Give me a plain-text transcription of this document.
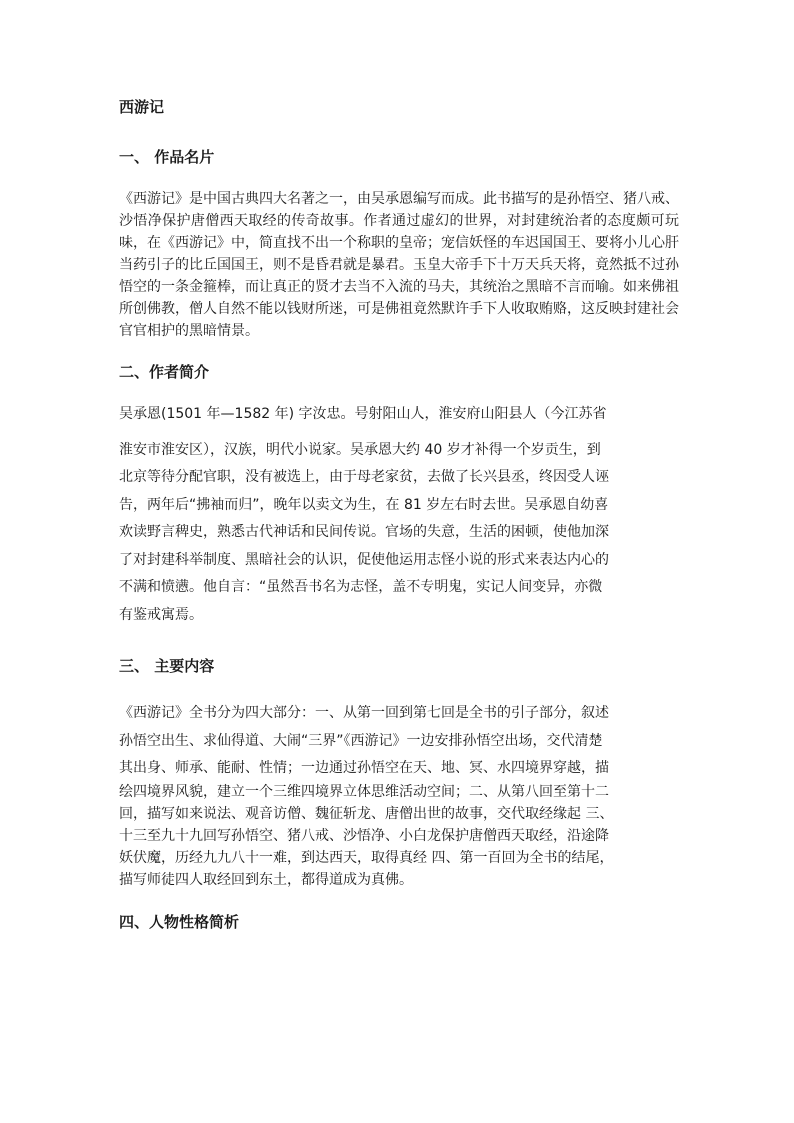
西游记
一、 作品名片

《西游记》是中国古典四大名著之一，由吴承恩编写而成。此书描写的是孙悟空、猪八戒、沙悟净保护唐僧西天取经的传奇故事。作者通过虚幻的世界，对封建统治者的态度颇可玩味，在《西游记》中，简直找不出一个称职的皇帝；宠信妖怪的车迟国国王、要将小儿心肝当药引子的比丘国国王，则不是昏君就是暴君。玉皇大帝手下十万天兵天将，竟然抵不过孙悟空的一条金箍棒，而让真正的贤才去当不入流的马夫，其统治之黑暗不言而喻。如来佛祖所创佛教，僧人自然不能以钱财所迷，可是佛祖竟然默许手下人收取贿赂，这反映封建社会官官相护的黑暗情景。

二、作者简介
吴承恩(1501 年—1582 年) 字汝忠。号射阳山人，淮安府山阳县人（今江苏省
淮安市淮安区），汉族，明代小说家。吴承恩大约 40 岁才补得一个岁贡生，到
北京等待分配官职，没有被选上，由于母老家贫，去做了长兴县丞，终因受人诬
告，两年后“拂袖而归”，晚年以卖文为生，在 81 岁左右时去世。吴承恩自幼喜
欢读野言稗史，熟悉古代神话和民间传说。官场的失意，生活的困顿，使他加深
了对封建科举制度、黑暗社会的认识，促使他运用志怪小说的形式来表达内心的
不满和愤懑。他自言：“虽然吾书名为志怪，盖不专明鬼，实记人间变异，亦微
有鉴戒寓焉。
三、 主要内容
《西游记》全书分为四大部分：一、从第一回到第七回是全书的引子部分，叙述
孙悟空出生、求仙得道、大闹“三界”《西游记》一边安排孙悟空出场，交代清楚
其出身、师承、能耐、性情；一边通过孙悟空在天、地、冥、水四境界穿越，描
绘四境界风貌，建立一个三维四境界立体思维活动空间；二、从第八回至第十二
回，描写如来说法、观音访僧、魏征斩龙、唐僧出世的故事，交代取经缘起 三、
十三至九十九回写孙悟空、猪八戒、沙悟净、小白龙保护唐僧西天取经，沿途降
妖伏魔，历经九九八十一难，到达西天，取得真经 四、第一百回为全书的结尾，
描写师徒四人取经回到东土，都得道成为真佛。
四、人物性格简析
